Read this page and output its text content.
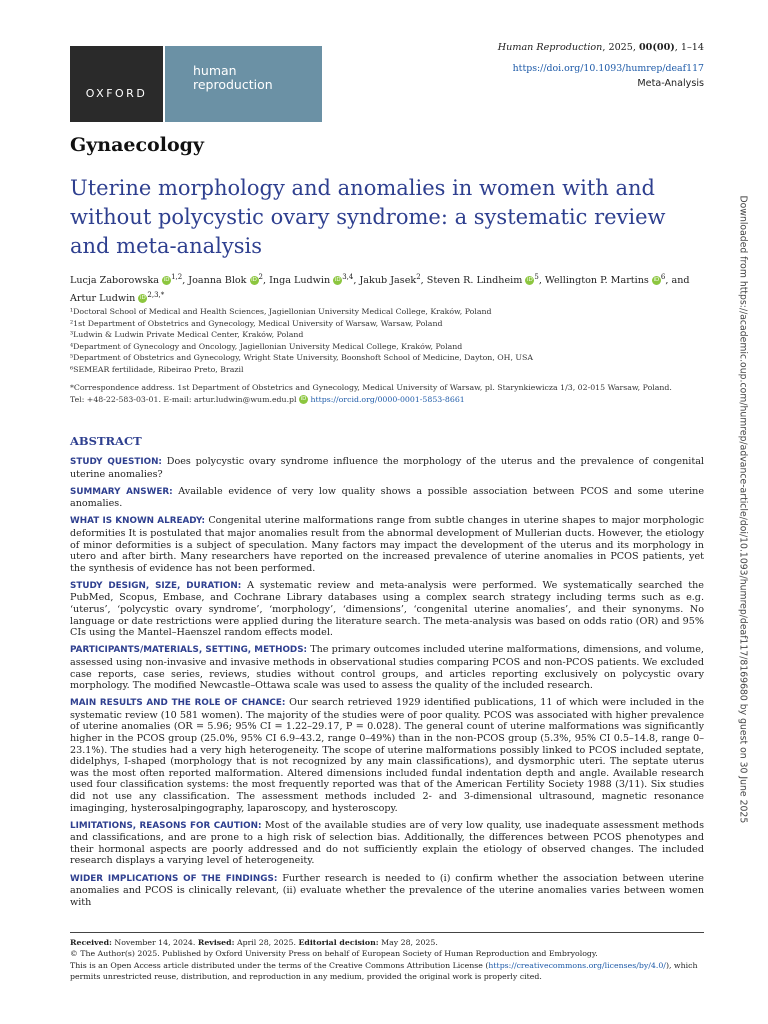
OXFORD
human
reproduction
Human Reproduction, 2025, 00(00), 1–14
https://doi.org/10.1093/humrep/deaf117
Meta-Analysis
Gynaecology
Uterine morphology and anomalies in women with and without polycystic ovary syndrome: a systematic review and meta-analysis
Lucja Zaborowska iD $^{1,2}$, Joanna Blok iD $^2$, Inga Ludwin iD $^{3,4}$, Jakub Jasek$^2$, Steven R. Lindheim iD $^5$, Wellington P. Martins iD $^6$, and Artur Ludwin iD $^{2,3,*}$
¹Doctoral School of Medical and Health Sciences, Jagiellonian University Medical College, Kraków, Poland
²1st Department of Obstetrics and Gynecology, Medical University of Warsaw, Warsaw, Poland
³Ludwin & Ludwin Private Medical Center, Kraków, Poland
⁴Department of Gynecology and Oncology, Jagiellonian University Medical College, Kraków, Poland
⁵Department of Obstetrics and Gynecology, Wright State University, Boonshoft School of Medicine, Dayton, OH, USA
⁶SEMEAR fertilidade, Ribeirao Preto, Brazil
*Correspondence address. 1st Department of Obstetrics and Gynecology, Medical University of Warsaw, pl. Starynkiewicza 1/3, 02-015 Warsaw, Poland.
Tel: +48-22-583-03-01. E-mail: artur.ludwin@wum.edu.pl iD https://orcid.org/0000-0001-5853-8661
ABSTRACT

STUDY QUESTION: Does polycystic ovary syndrome influence the morphology of the uterus and the prevalence of congenital uterine anomalies?

SUMMARY ANSWER: Available evidence of very low quality shows a possible association between PCOS and some uterine anomalies.

WHAT IS KNOWN ALREADY: Congenital uterine malformations range from subtle changes in uterine shapes to major morphologic deformities It is postulated that major anomalies result from the abnormal development of Mullerian ducts. However, the etiology of minor deformities is a subject of speculation. Many factors may impact the development of the uterus and its morphology in utero and after birth. Many researchers have reported on the increased prevalence of uterine anomalies in PCOS patients, yet the synthesis of evidence has not been performed.

STUDY DESIGN, SIZE, DURATION: A systematic review and meta-analysis were performed. We systematically searched the PubMed, Scopus, Embase, and Cochrane Library databases using a complex search strategy including terms such as e.g. ‘uterus’, ‘polycystic ovary syndrome’, ‘morphology’, ‘dimensions’, ‘congenital uterine anomalies’, and their synonyms. No language or date restrictions were applied during the literature search. The meta-analysis was based on odds ratio (OR) and 95% CIs using the Mantel–Haenszel random effects model.

PARTICIPANTS/MATERIALS, SETTING, METHODS: The primary outcomes included uterine malformations, dimensions, and volume, assessed using non-invasive and invasive methods in observational studies comparing PCOS and non-PCOS patients. We excluded case reports, case series, reviews, studies without control groups, and articles reporting exclusively on polycystic ovary morphology. The modified Newcastle–Ottawa scale was used to assess the quality of the included research.

MAIN RESULTS AND THE ROLE OF CHANCE: Our search retrieved 1929 identified publications, 11 of which were included in the systematic review (10 581 women). The majority of the studies were of poor quality. PCOS was associated with higher prevalence of uterine anomalies (OR = 5.96; 95% CI = 1.22–29.17, P = 0.028). The general count of uterine malformations was significantly higher in the PCOS group (25.0%, 95% CI 6.9–43.2, range 0–49%) than in the non-PCOS group (5.3%, 95% CI 0.5–14.8, range 0–23.1%). The studies had a very high heterogeneity. The scope of uterine malformations possibly linked to PCOS included septate, didelphys, I-shaped (morphology that is not recognized by any main classifications), and dysmorphic uteri. The septate uterus was the most often reported malformation. Altered dimensions included fundal indentation depth and angle. Available research used four classification systems: the most frequently reported was that of the American Fertility Society 1988 (3/11). Six studies did not use any classification. The assessment methods included 2- and 3-dimensional ultrasound, magnetic resonance imaginging, hysterosalpingography, laparoscopy, and hysteroscopy.

LIMITATIONS, REASONS FOR CAUTION: Most of the available studies are of very low quality, use inadequate assessment methods and classifications, and are prone to a high risk of selection bias. Additionally, the differences between PCOS phenotypes and their hormonal aspects are poorly addressed and do not sufficiently explain the etiology of observed changes. The included research displays a varying level of heterogeneity.

WIDER IMPLICATIONS OF THE FINDINGS: Further research is needed to (i) confirm whether the association between uterine anomalies and PCOS is clinically relevant, (ii) evaluate whether the prevalence of the uterine anomalies varies between women with

Received: November 14, 2024. Revised: April 28, 2025. Editorial decision: May 28, 2025.
© The Author(s) 2025. Published by Oxford University Press on behalf of European Society of Human Reproduction and Embryology.
This is an Open Access article distributed under the terms of the Creative Commons Attribution License (https://creativecommons.org/licenses/by/4.0/), which permits unrestricted reuse, distribution, and reproduction in any medium, provided the original work is properly cited.
Downloaded from https://academic.oup.com/humrep/advance-article/doi/10.1093/humrep/deaf117/8169680 by guest on 30 June 2025
